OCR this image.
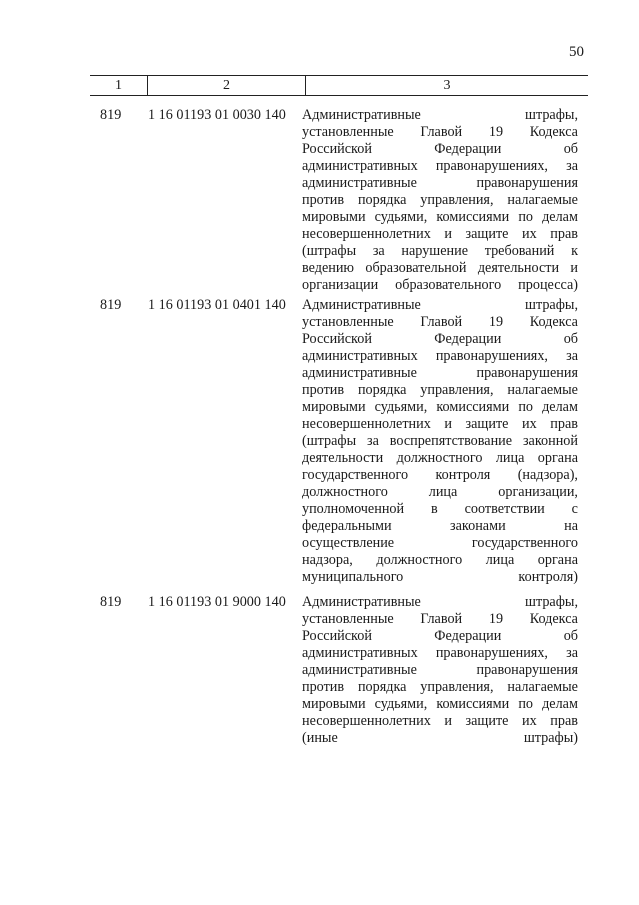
50
1	2	3
819 1 16 01193 01 0030 140 Административные	штрафы,
установленные Главой 19 Кодекса
Российской	Федерации	об
административных правонарушениях, за
административные	правонарушения
против порядка управления, налагаемые
мировыми судьями, комиссиями по делам
несовершеннолетних и защите их прав
(штрафы за нарушение требований к
ведению образовательной деятельности и
организации образовательного процесса)
819 1 16 01193 01 0401 140 Административные	штрафы,
установленные Главой 19 Кодекса
Российской	Федерации	об
административных правонарушениях, за
административные	правонарушения
против порядка управления, налагаемые
мировыми судьями, комиссиями по делам
несовершеннолетних и защите их прав
(штрафы за воспрепятствование законной
деятельности должностного лица органа
государственного контроля (надзора),
должностного	лица	организации,
уполномоченной в соответствии с
федеральными	законами	на
осуществление	государственного
надзора, должностного лица органа
муниципального контроля)
819 1 16 01193 01 9000 140 Административные	штрафы,
установленные Главой 19 Кодекса
Российской	Федерации	об
административных правонарушениях, за
административные	правонарушения
против порядка управления, налагаемые
мировыми судьями, комиссиями по делам
несовершеннолетних и защите их прав
(иные штрафы)
